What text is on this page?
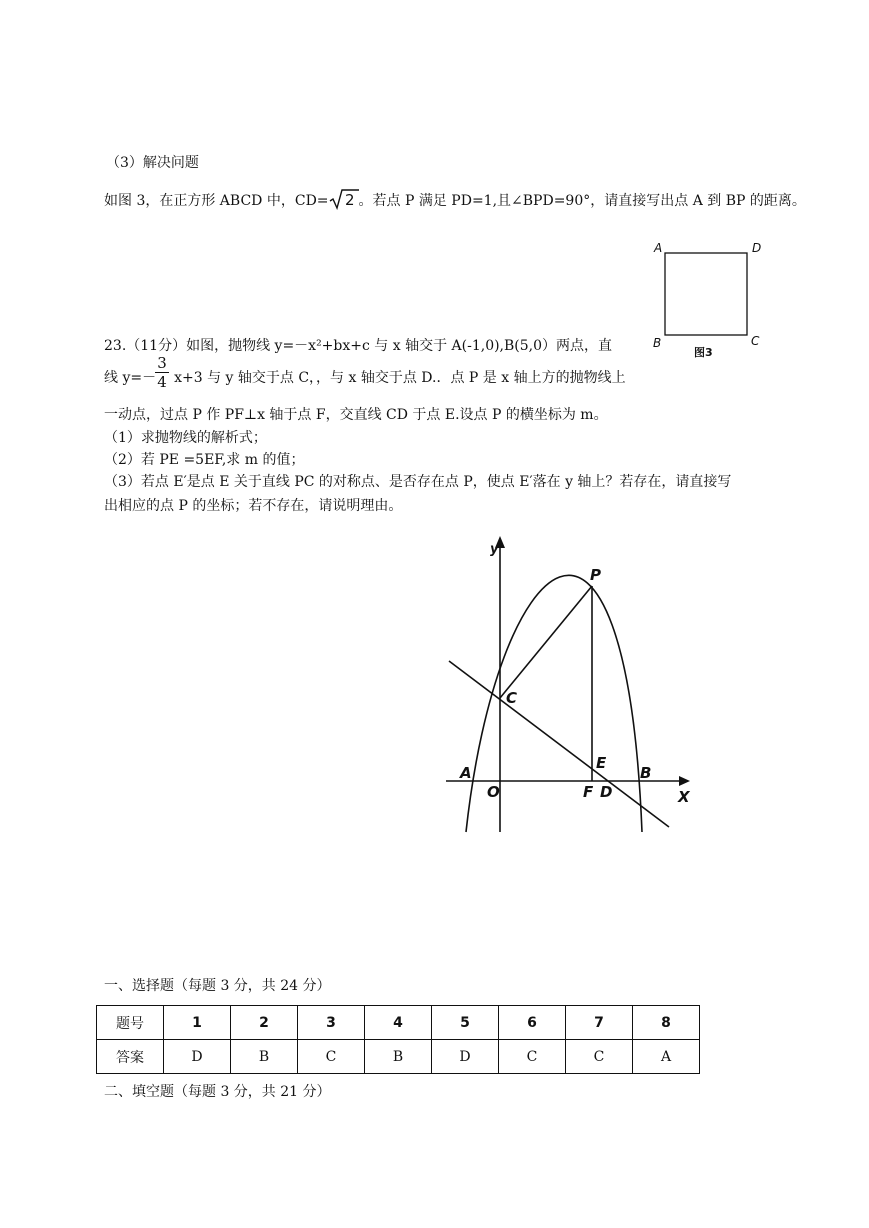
（3）解决问题
如图 3，在正方形 ABCD 中，CD= 2 。若点 P 满足 PD=1,且∠BPD=90°，请直接写出点 A 到 BP 的距离。
A	D
B	C
图3
23.（11分）如图，抛物线 y=－x²+bx+c 与 x 轴交于 A(-1,0),B(5,0）两点，直
线 y=－ x+3 与 y 轴交于点 C，，与 x 轴交于点 D.．点 P 是 x 轴上方的抛物线上
3
4
一动点，过点 P 作 PF⊥x 轴于点 F，交直线 CD 于点 E.设点 P 的横坐标为 m。
（1）求抛物线的解析式；
（2）若 PE =5EF,求 m 的值；
（3）若点 E′是点 E 关于直线 PC 的对称点、是否存在点 P，使点 E′落在 y 轴上？若存在，请直接写
出相应的点 P 的坐标；若不存在，请说明理由。
y
P
C
E
A	B
O	F D	X
一、选择题（每题 3 分，共 24 分）
题号	1	2	3	4	5	6	7	8
答案	D	B	C	B	D	C	C	A
二、填空题（每题 3 分，共 21 分）
